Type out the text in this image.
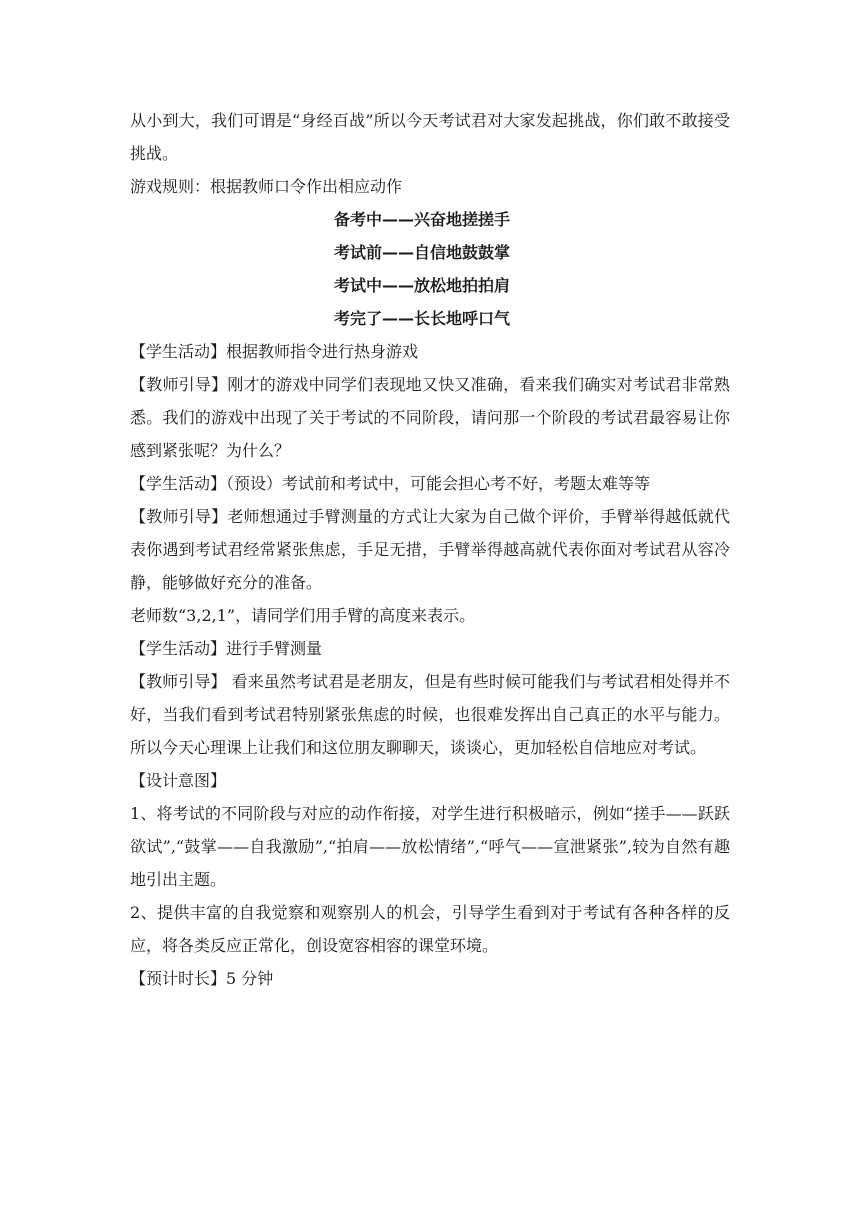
从小到大，我们可谓是“身经百战”所以今天考试君对大家发起挑战，你们敢不敢接受挑战。

游戏规则：根据教师口令作出相应动作

备考中——兴奋地搓搓手

考试前——自信地鼓鼓掌

考试中——放松地拍拍肩

考完了——长长地呼口气

【学生活动】根据教师指令进行热身游戏

【教师引导】刚才的游戏中同学们表现地又快又准确，看来我们确实对考试君非常熟悉。我们的游戏中出现了关于考试的不同阶段，请问那一个阶段的考试君最容易让你感到紧张呢？为什么？

【学生活动】（预设）考试前和考试中，可能会担心考不好，考题太难等等

【教师引导】老师想通过手臂测量的方式让大家为自己做个评价，手臂举得越低就代表你遇到考试君经常紧张焦虑，手足无措，手臂举得越高就代表你面对考试君从容冷静，能够做好充分的准备。

老师数“3,2,1”，请同学们用手臂的高度来表示。

【学生活动】进行手臂测量

【教师引导】 看来虽然考试君是老朋友，但是有些时候可能我们与考试君相处得并不好，当我们看到考试君特别紧张焦虑的时候，也很难发挥出自己真正的水平与能力。所以今天心理课上让我们和这位朋友聊聊天，谈谈心，更加轻松自信地应对考试。

【设计意图】

1、将考试的不同阶段与对应的动作衔接，对学生进行积极暗示，例如“搓手——跃跃欲试”,“鼓掌——自我激励”,“拍肩——放松情绪”,“呼气——宣泄紧张”,较为自然有趣地引出主题。

2、提供丰富的自我觉察和观察别人的机会，引导学生看到对于考试有各种各样的反应，将各类反应正常化，创设宽容相容的课堂环境。

【预计时长】5 分钟
